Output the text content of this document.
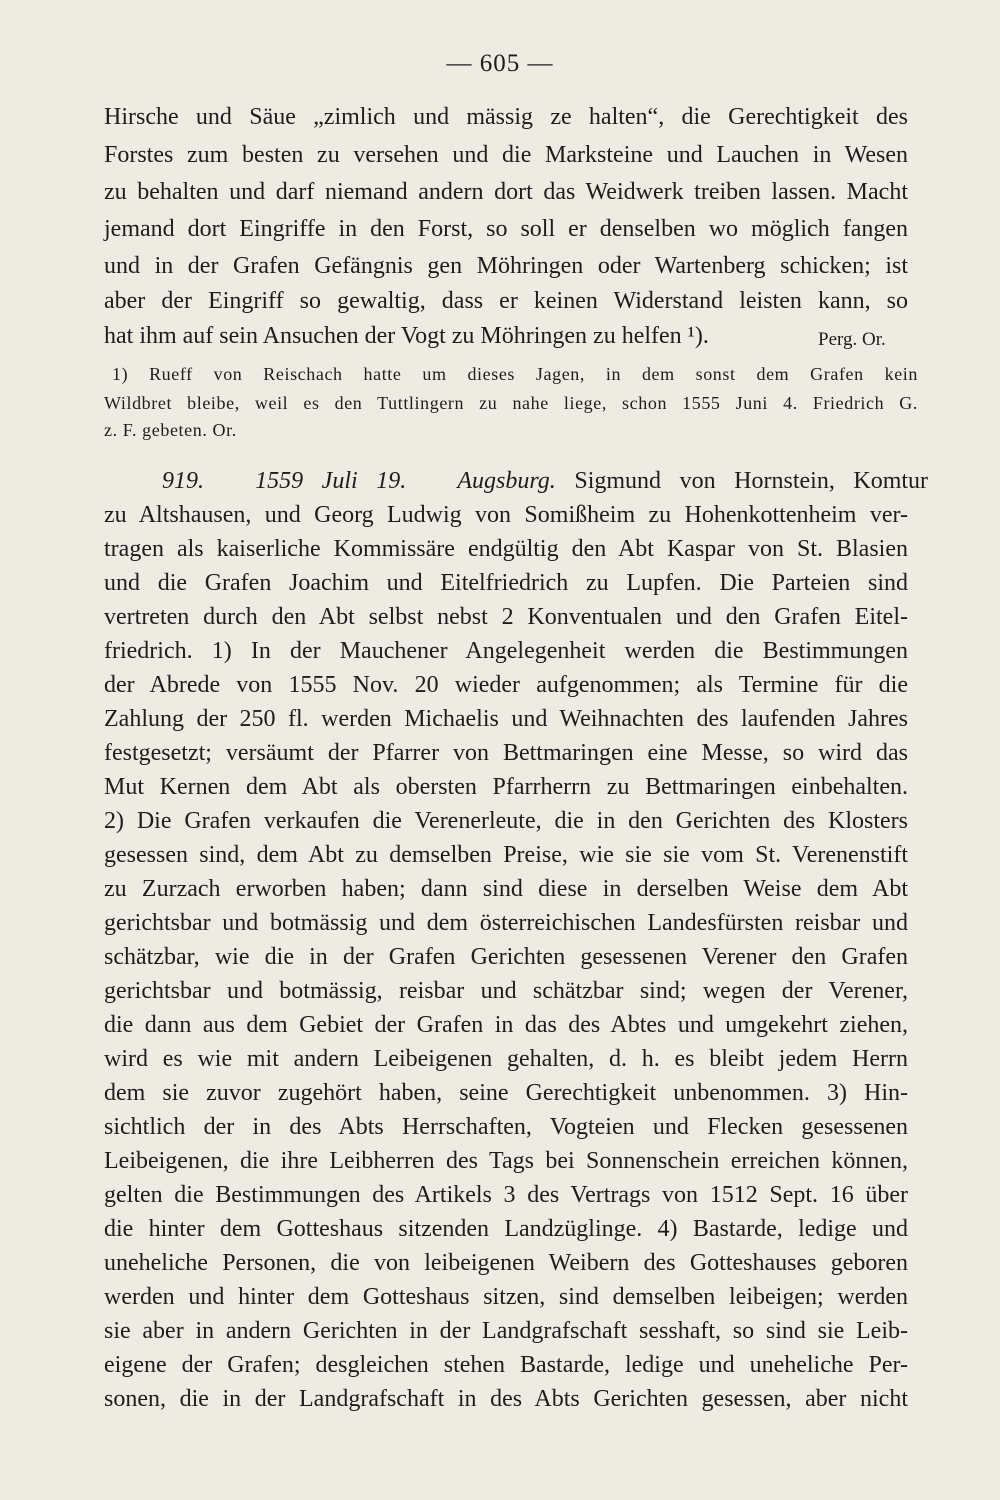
— 605 —
Hirsche und Säue „zimlich und mässig ze halten“, die Gerechtigkeit des
Forstes zum besten zu versehen und die Marksteine und Lauchen in Wesen
zu behalten und darf niemand andern dort das Weidwerk treiben lassen. Macht
jemand dort Eingriffe in den Forst, so soll er denselben wo möglich fangen
und in der Grafen Gefängnis gen Möhringen oder Wartenberg schicken; ist
aber der Eingriff so gewaltig, dass er keinen Widerstand leisten kann, so
hat ihm auf sein Ansuchen der Vogt zu Möhringen zu helfen ¹).	Perg. Or.
1) Rueff von Reischach hatte um dieses Jagen, in dem sonst dem Grafen kein
Wildbret bleibe, weil es den Tuttlingern zu nahe liege, schon 1555 Juni 4. Friedrich G.
z. F. gebeten. Or.
919. 1559 Juli 19. Augsburg. Sigmund von Hornstein, Komtur
zu Altshausen, und Georg Ludwig von Somißheim zu Hohenkottenheim ver-
tragen als kaiserliche Kommissäre endgültig den Abt Kaspar von St. Blasien
und die Grafen Joachim und Eitelfriedrich zu Lupfen. Die Parteien sind
vertreten durch den Abt selbst nebst 2 Konventualen und den Grafen Eitel-
friedrich. 1) In der Mauchener Angelegenheit werden die Bestimmungen
der Abrede von 1555 Nov. 20 wieder aufgenommen; als Termine für die
Zahlung der 250 fl. werden Michaelis und Weihnachten des laufenden Jahres
festgesetzt; versäumt der Pfarrer von Bettmaringen eine Messe, so wird das
Mut Kernen dem Abt als obersten Pfarrherrn zu Bettmaringen einbehalten.
2) Die Grafen verkaufen die Verenerleute, die in den Gerichten des Klosters
gesessen sind, dem Abt zu demselben Preise, wie sie sie vom St. Verenenstift
zu Zurzach erworben haben; dann sind diese in derselben Weise dem Abt
gerichtsbar und botmässig und dem österreichischen Landesfürsten reisbar und
schätzbar, wie die in der Grafen Gerichten gesessenen Verener den Grafen
gerichtsbar und botmässig, reisbar und schätzbar sind; wegen der Verener,
die dann aus dem Gebiet der Grafen in das des Abtes und umgekehrt ziehen,
wird es wie mit andern Leibeigenen gehalten, d. h. es bleibt jedem Herrn
dem sie zuvor zugehört haben, seine Gerechtigkeit unbenommen. 3) Hin-
sichtlich der in des Abts Herrschaften, Vogteien und Flecken gesessenen
Leibeigenen, die ihre Leibherren des Tags bei Sonnenschein erreichen können,
gelten die Bestimmungen des Artikels 3 des Vertrags von 1512 Sept. 16 über
die hinter dem Gotteshaus sitzenden Landzüglinge. 4) Bastarde, ledige und
uneheliche Personen, die von leibeigenen Weibern des Gotteshauses geboren
werden und hinter dem Gotteshaus sitzen, sind demselben leibeigen; werden
sie aber in andern Gerichten in der Landgrafschaft sesshaft, so sind sie Leib-
eigene der Grafen; desgleichen stehen Bastarde, ledige und uneheliche Per-
sonen, die in der Landgrafschaft in des Abts Gerichten gesessen, aber nicht
